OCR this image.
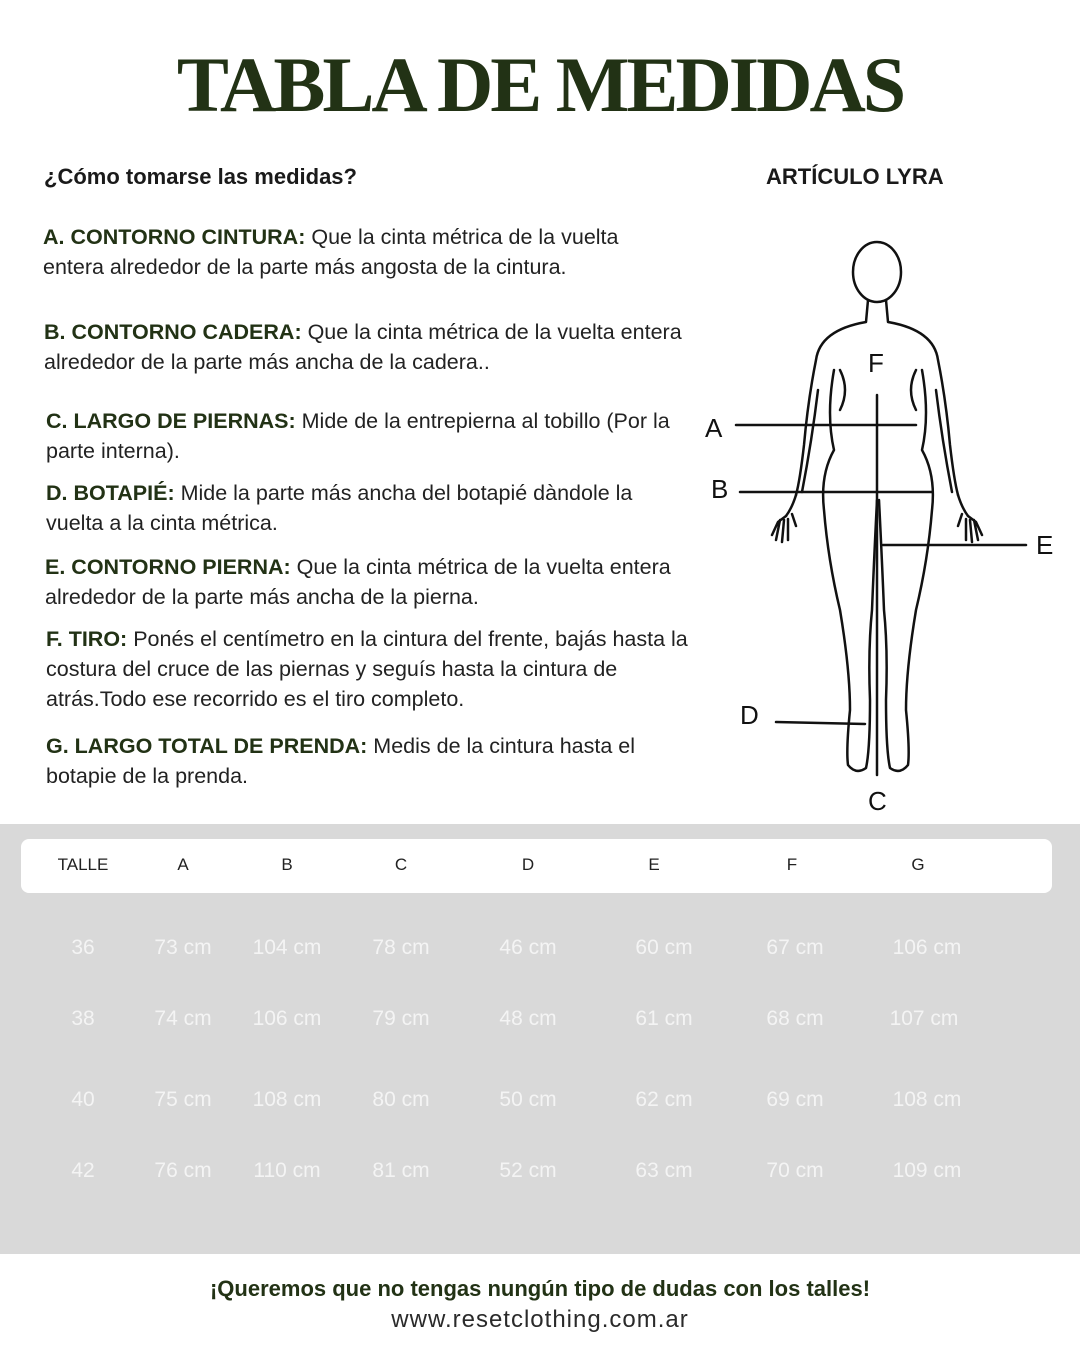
TABLA DE MEDIDAS
¿Cómo tomarse las medidas?	ARTÍCULO LYRA
A. CONTORNO CINTURA: Que la cinta métrica de la vuelta entera alrededor de la parte más angosta de la cintura.
B. CONTORNO CADERA: Que la cinta métrica de la vuelta entera alrededor de la parte más ancha de la cadera..
C. LARGO DE PIERNAS: Mide de la entrepierna al tobillo (Por la parte interna).
D. BOTAPIÉ: Mide la parte más ancha del botapié dàndole la vuelta a la cinta métrica.
E. CONTORNO PIERNA: Que la cinta métrica de la vuelta entera alrededor de la parte más ancha de la pierna.
F. TIRO: Ponés el centímetro en la cintura del frente, bajás hasta la costura del cruce de las piernas y seguís hasta la cintura de atrás.Todo ese recorrido es el tiro completo.
G. LARGO TOTAL DE PRENDA: Medis de la cintura hasta el botapie de la prenda.
A
B
C
D
E
F
TALLE	A	B	C	D	E	F	G
36	73 cm	104 cm	78 cm	46 cm	60 cm	67 cm	106 cm
38	74 cm	106 cm	79 cm	48 cm	61 cm	68 cm	107 cm
40	75 cm	108 cm	80 cm	50 cm	62 cm	69 cm	108 cm
42	76 cm	110 cm	81 cm	52 cm	63 cm	70 cm	109 cm
¡Queremos que no tengas nungún tipo de dudas con los talles!
www.resetclothing.com.ar
